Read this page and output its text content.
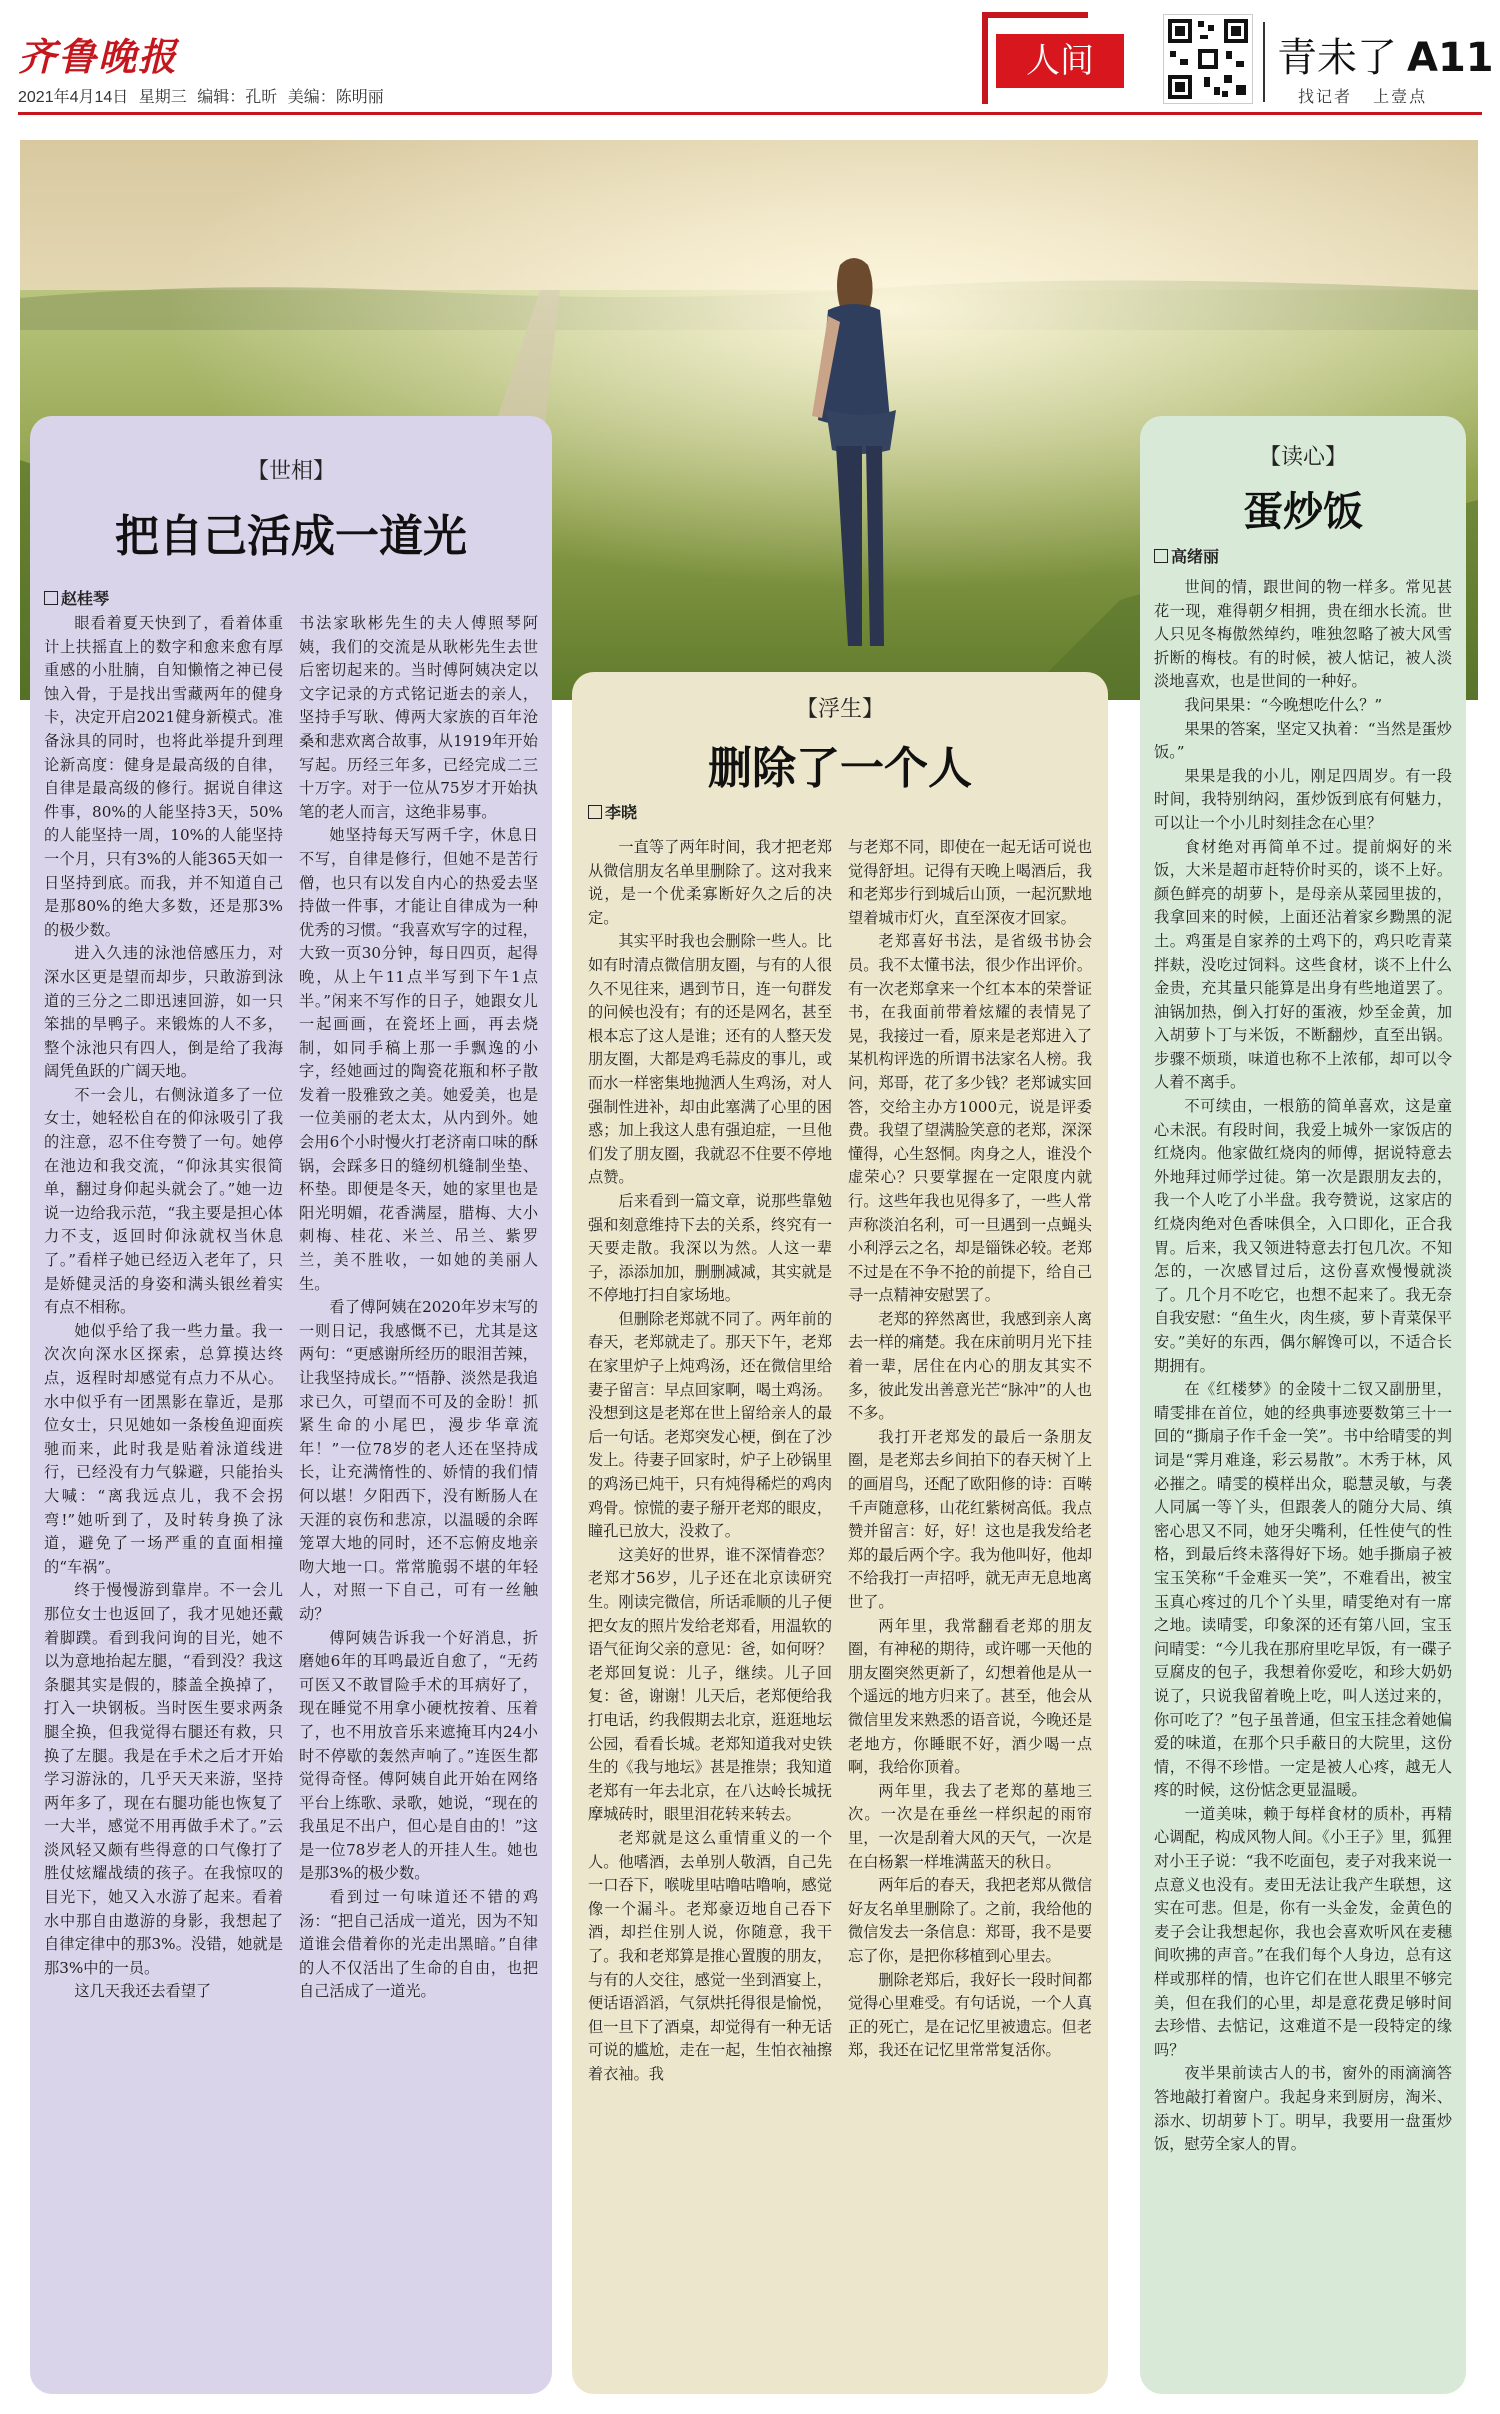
齐鲁晚报
2021年4月14日 星期三 编辑：孔昕 美编：陈明丽
人间	青未了 A11
找记者 上壹点
【世相】
把自己活成一道光
赵桂琴

眼看着夏天快到了，看着体重计上扶摇直上的数字和愈来愈有厚重感的小肚腩，自知懒惰之神已侵蚀入骨，于是找出雪藏两年的健身卡，决定开启2021健身新模式。准备泳具的同时，也将此举提升到理论新高度：健身是最高级的自律，自律是最高级的修行。据说自律这件事，80%的人能坚持3天，50%的人能坚持一周，10%的人能坚持一个月，只有3%的人能365天如一日坚持到底。而我，并不知道自己是那80%的绝大多数，还是那3%的极少数。

进入久违的泳池倍感压力，对深水区更是望而却步，只敢游到泳道的三分之二即迅速回游，如一只笨拙的旱鸭子。来锻炼的人不多，整个泳池只有四人，倒是给了我海阔凭鱼跃的广阔天地。

不一会儿，右侧泳道多了一位女士，她轻松自在的仰泳吸引了我的注意，忍不住夸赞了一句。她停在池边和我交流，“仰泳其实很简单，翻过身仰起头就会了。”她一边说一边给我示范，“我主要是担心体力不支，返回时仰泳就权当休息了。”看样子她已经迈入老年了，只是娇健灵活的身姿和满头银丝着实有点不相称。

她似乎给了我一些力量。我一次次向深水区探索，总算摸达终点，返程时却感觉有点力不从心。水中似乎有一团黑影在靠近，是那位女士，只见她如一条梭鱼迎面疾驰而来，此时我是贴着泳道线进行，已经没有力气躲避，只能抬头大喊：“离我远点儿，我不会拐弯!”她听到了，及时转身换了泳道，避免了一场严重的直面相撞的“车祸”。

终于慢慢游到靠岸。不一会儿那位女士也返回了，我才见她还戴着脚蹼。看到我问询的目光，她不以为意地抬起左腿，“看到没？我这条腿其实是假的，膝盖全换掉了，打入一块钢板。当时医生要求两条腿全换，但我觉得右腿还有救，只换了左腿。我是在手术之后才开始学习游泳的，几乎天天来游，坚持两年多了，现在右腿功能也恢复了一大半，感觉不用再做手术了。”云淡风轻又颇有些得意的口气像打了胜仗炫耀战绩的孩子。在我惊叹的目光下，她又入水游了起来。看着水中那自由遨游的身影，我想起了自律定律中的那3%。没错，她就是那3%中的一员。

这几天我还去看望了

书法家耿彬先生的夫人傅照琴阿姨，我们的交流是从耿彬先生去世后密切起来的。当时傅阿姨决定以文字记录的方式铭记逝去的亲人，坚持手写耿、傅两大家族的百年沧桑和悲欢离合故事，从1919年开始写起。历经三年多，已经完成二三十万字。对于一位从75岁才开始执笔的老人而言，这绝非易事。

她坚持每天写两千字，休息日不写，自律是修行，但她不是苦行僧，也只有以发自内心的热爱去坚持做一件事，才能让自律成为一种优秀的习惯。“我喜欢写字的过程，大致一页30分钟，每日四页，起得晚，从上午11点半写到下午1点半。”闲来不写作的日子，她跟女儿一起画画，在瓷坯上画，再去烧制，如同手稿上那一手飘逸的小字，经她画过的陶瓷花瓶和杯子散发着一股雅致之美。她爱美，也是一位美丽的老太太，从内到外。她会用6个小时慢火打老济南口味的酥锅，会踩多日的缝纫机缝制坐垫、杯垫。即便是冬天，她的家里也是阳光明媚，花香满屋，腊梅、大小刺梅、桂花、米兰、吊兰、紫罗兰，美不胜收，一如她的美丽人生。

看了傅阿姨在2020年岁末写的一则日记，我感慨不已，尤其是这两句：“更感谢所经历的眼泪苦辣，让我坚持成长。”“悟静、淡然是我追求已久，可望而不可及的金盼！抓紧生命的小尾巴，漫步华章流年！”一位78岁的老人还在坚持成长，让充满惰性的、娇情的我们情何以堪！夕阳西下，没有断肠人在天涯的哀伤和悲凉，以温暖的余晖笼罩大地的同时，还不忘俯皮地亲吻大地一口。常常脆弱不堪的年轻人，对照一下自己，可有一丝触动？

傅阿姨告诉我一个好消息，折磨她6年的耳鸣最近自愈了，“无药可医又不敢冒险手术的耳病好了，现在睡觉不用拿小硬枕按着、压着了，也不用放音乐来遮掩耳内24小时不停歇的轰然声响了。”连医生都觉得奇怪。傅阿姨自此开始在网络平台上练歌、录歌，她说，“现在的我虽足不出户，但心是自由的！”这是一位78岁老人的开挂人生。她也是那3%的极少数。

看到过一句味道还不错的鸡汤：“把自己活成一道光，因为不知道谁会借着你的光走出黑暗。”自律的人不仅活出了生命的自由，也把自己活成了一道光。

【浮生】
删除了一个人
李晓

一直等了两年时间，我才把老郑从微信朋友名单里删除了。这对我来说，是一个优柔寡断好久之后的决定。

其实平时我也会删除一些人。比如有时清点微信朋友圈，与有的人很久不见往来，遇到节日，连一句群发的问候也没有；有的还是网名，甚至根本忘了这人是谁；还有的人整天发朋友圈，大都是鸡毛蒜皮的事儿，或而水一样密集地抛洒人生鸡汤，对人强制性进补，却由此塞满了心里的困惑；加上我这人患有强迫症，一旦他们发了朋友圈，我就忍不住要不停地点赞。

后来看到一篇文章，说那些靠勉强和刻意维持下去的关系，终究有一天要走散。我深以为然。人这一辈子，添添加加，删删减减，其实就是不停地打扫自家场地。

但删除老郑就不同了。两年前的春天，老郑就走了。那天下午，老郑在家里炉子上炖鸡汤，还在微信里给妻子留言：早点回家啊，喝土鸡汤。没想到这是老郑在世上留给亲人的最后一句话。老郑突发心梗，倒在了沙发上。待妻子回家时，炉子上砂锅里的鸡汤已炖干，只有炖得稀烂的鸡肉鸡骨。惊慌的妻子掰开老郑的眼皮，瞳孔已放大，没救了。

这美好的世界，谁不深情眷恋？老郑才56岁，儿子还在北京读研究生。刚读完微信，所话乖顺的儿子便把女友的照片发给老郑看，用温软的语气征询父亲的意见：爸，如何呀？老郑回复说：儿子，继续。儿子回复：爸，谢谢！儿天后，老郑便给我打电话，约我假期去北京，逛逛地坛公园，看看长城。老郑知道我对史铁生的《我与地坛》甚是推崇；我知道老郑有一年去北京，在八达岭长城抚摩城砖时，眼里泪花转来转去。

老郑就是这么重情重义的一个人。他嗜酒，去单别人敬酒，自己先一口吞下，喉咙里咕噜咕噜响，感觉像一个漏斗。老郑豪迈地自己吞下酒，却拦住别人说，你随意，我干了。我和老郑算是推心置腹的朋友，与有的人交往，感觉一坐到酒宴上，便话语滔滔，气氛烘托得很是愉悦，但一旦下了酒桌，却觉得有一种无话可说的尴尬，走在一起，生怕衣袖擦着衣袖。我

与老郑不同，即使在一起无话可说也觉得舒坦。记得有天晚上喝酒后，我和老郑步行到城后山顶，一起沉默地望着城市灯火，直至深夜才回家。

老郑喜好书法，是省级书协会员。我不太懂书法，很少作出评价。有一次老郑拿来一个红本本的荣誉证书，在我面前带着炫耀的表情晃了晃，我接过一看，原来是老郑进入了某机构评选的所谓书法家名人榜。我问，郑哥，花了多少钱？老郑诚实回答，交给主办方1000元，说是评委费。我望了望满脸笑意的老郑，深深懂得，心生怒恫。肉身之人，谁没个虚荣心？只要掌握在一定限度内就行。这些年我也见得多了，一些人常声称淡泊名利，可一旦遇到一点蝇头小利浮云之名，却是锱铢必较。老郑不过是在不争不抢的前提下，给自己寻一点精神安慰罢了。

老郑的猝然离世，我感到亲人离去一样的痛楚。我在床前明月光下挂着一辈，居住在内心的朋友其实不多，彼此发出善意光芒“脉冲”的人也不多。

我打开老郑发的最后一条朋友圈，是老郑去乡间拍下的春天树丫上的画眉鸟，还配了欧阳修的诗：百啭千声随意移，山花红紫树高低。我点赞并留言：好，好！这也是我发给老郑的最后两个字。我为他叫好，他却不给我打一声招呼，就无声无息地离世了。

两年里，我常翻看老郑的朋友圈，有神秘的期待，或许哪一天他的朋友圈突然更新了，幻想着他是从一个遥远的地方归来了。甚至，他会从微信里发来熟悉的语音说，今晚还是老地方，你睡眠不好，酒少喝一点啊，我给你顶着。

两年里，我去了老郑的墓地三次。一次是在垂丝一样织起的雨帘里，一次是刮着大风的天气，一次是在白杨絮一样堆满蓝天的秋日。

两年后的春天，我把老郑从微信好友名单里删除了。之前，我给他的微信发去一条信息：郑哥，我不是要忘了你，是把你移植到心里去。

删除老郑后，我好长一段时间都觉得心里难受。有句话说，一个人真正的死亡，是在记忆里被遗忘。但老郑，我还在记忆里常常复活你。

【读心】
蛋炒饭
高绪丽

世间的情，跟世间的物一样多。常见甚花一现，难得朝夕相拥，贵在细水长流。世人只见冬梅傲然绰约，唯独忽略了被大风雪折断的梅枝。有的时候，被人惦记，被人淡淡地喜欢，也是世间的一种好。

我问果果：“今晚想吃什么？”

果果的答案，坚定又执着：“当然是蛋炒饭。”

果果是我的小儿，刚足四周岁。有一段时间，我特别纳闷，蛋炒饭到底有何魅力，可以让一个小儿时刻挂念在心里？

食材绝对再简单不过。提前焖好的米饭，大米是超市赶特价时买的，谈不上好。颜色鲜亮的胡萝卜，是母亲从菜园里拔的，我拿回来的时候，上面还沾着家乡黝黑的泥土。鸡蛋是自家养的土鸡下的，鸡只吃青菜拌麸，没吃过饲料。这些食材，谈不上什么金贵，充其量只能算是出身有些地道罢了。油锅加热，倒入打好的蛋液，炒至金黄，加入胡萝卜丁与米饭，不断翻炒，直至出锅。步骤不烦琐，味道也称不上浓郁，却可以令人着不离手。

不可续由，一根筋的简单喜欢，这是童心未泯。有段时间，我爱上城外一家饭店的红烧肉。他家做红烧肉的师傅，据说特意去外地拜过师学过徒。第一次是跟朋友去的，我一个人吃了小半盘。我夸赞说，这家店的红烧肉绝对色香味俱全，入口即化，正合我胃。后来，我又领进特意去打包几次。不知怎的，一次感冒过后，这份喜欢慢慢就淡了。几个月不吃它，也想不起来了。我无奈自我安慰：“鱼生火，肉生痰，萝卜青菜保平安。”美好的东西，偶尔解馋可以，不适合长期拥有。

在《红楼梦》的金陵十二钗又副册里，晴雯排在首位，她的经典事迹要数第三十一回的“撕扇子作千金一笑”。书中给晴雯的判词是“霁月难逢，彩云易散”。木秀于林，风必摧之。晴雯的模样出众，聪慧灵敏，与袭人同属一等丫头，但跟袭人的随分大局、缜密心思又不同，她牙尖嘴利，任性使气的性格，到最后终未落得好下场。她手撕扇子被宝玉笑称“千金难买一笑”，不难看出，被宝玉真心疼过的几个丫头里，晴雯绝对有一席之地。读晴雯，印象深的还有第八回，宝玉问晴雯：“今儿我在那府里吃早饭，有一碟子豆腐皮的包子，我想着你爱吃，和珍大奶奶说了，只说我留着晚上吃，叫人送过来的，你可吃了？”包子虽普通，但宝玉挂念着她偏爱的味道，在那个只手蔽日的大院里，这份情，不得不珍惜。一定是被人心疼，越无人疼的时候，这份惦念更显温暖。

一道美味，赖于每样食材的质朴，再精心调配，构成风物人间。《小王子》里，狐狸对小王子说：“我不吃面包，麦子对我来说一点意义也没有。麦田无法让我产生联想，这实在可悲。但是，你有一头金发，金黄色的麦子会让我想起你，我也会喜欢听风在麦穗间吹拂的声音。”在我们每个人身边，总有这样或那样的情，也许它们在世人眼里不够完美，但在我们的心里，却是意花费足够时间去珍惜、去惦记，这难道不是一段特定的缘吗？

夜半果前读古人的书，窗外的雨滴滴答答地敲打着窗户。我起身来到厨房，淘米、添水、切胡萝卜丁。明早，我要用一盘蛋炒饭，慰劳全家人的胃。
